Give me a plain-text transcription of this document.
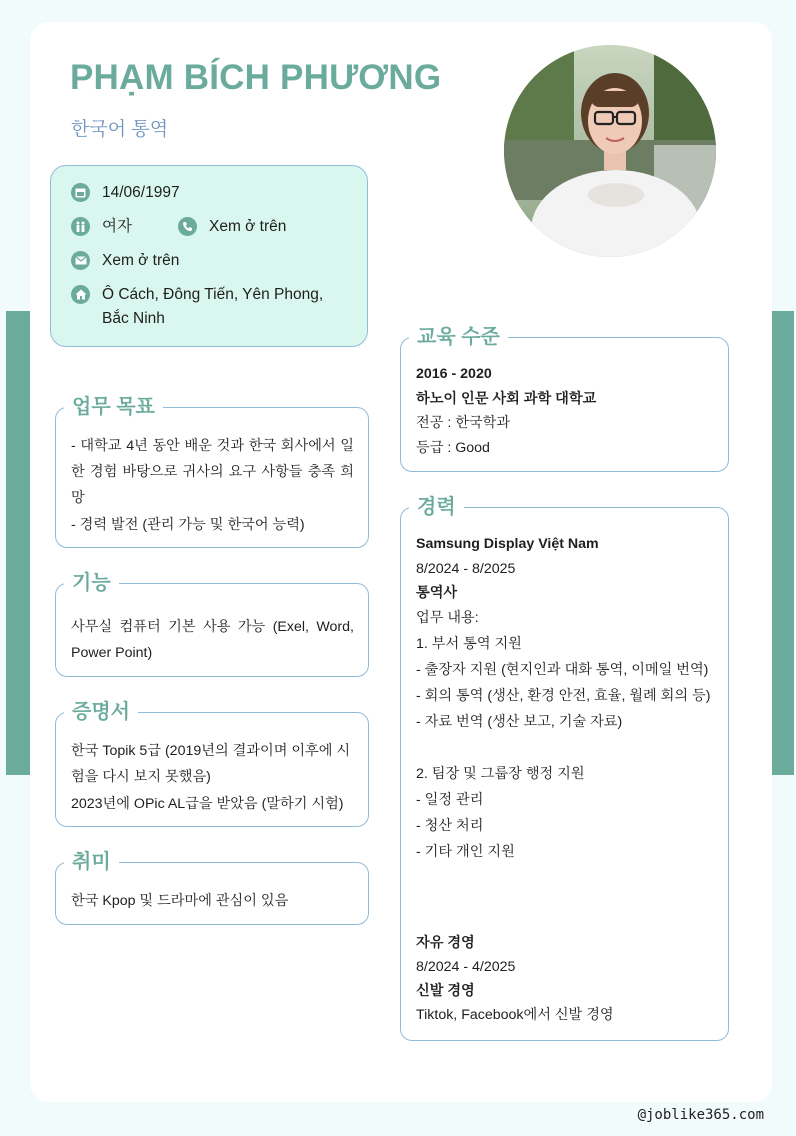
PHẠM BÍCH PHƯƠNG
한국어 통역
14/06/1997
여자	Xem ở trên
Xem ở trên
Ô Cách, Đông Tiến, Yên Phong,
Bắc Ninh
업무 목표
- 대학교 4년 동안 배운 것과 한국 회사에서 일한 경험 바탕으로 귀사의 요구 사항들 충족 희망
- 경력 발전 (관리 가능 및 한국어 능력)
기능
사무실 컴퓨터 기본 사용 가능 (Exel, Word, Power Point)
증명서
한국 Topik 5급 (2019년의 결과이며 이후에 시험을 다시 보지 못했음)
2023년에 OPic AL급을 받았음 (말하기 시험)
취미
한국 Kpop 및 드라마에 관심이 있음
교육 수준
2016 - 2020
하노이 인문 사회 과학 대학교
전공 : 한국학과
등급 : Good
경력
Samsung Display Việt Nam
8/2024 - 8/2025
통역사
업무 내용:
1. 부서 통역 지원
- 출장자 지원 (현지인과 대화 통역, 이메일 번역)
- 회의 통역 (생산, 환경 안전, 효율, 월례 회의 등)
- 자료 번역 (생산 보고, 기술 자료)
2. 팀장 및 그룹장 행정 지원
- 일정 관리
- 청산 처리
- 기타 개인 지원
자유 경영
8/2024 - 4/2025
신발 경영
Tiktok, Facebook에서 신발 경영
@joblike365.com
